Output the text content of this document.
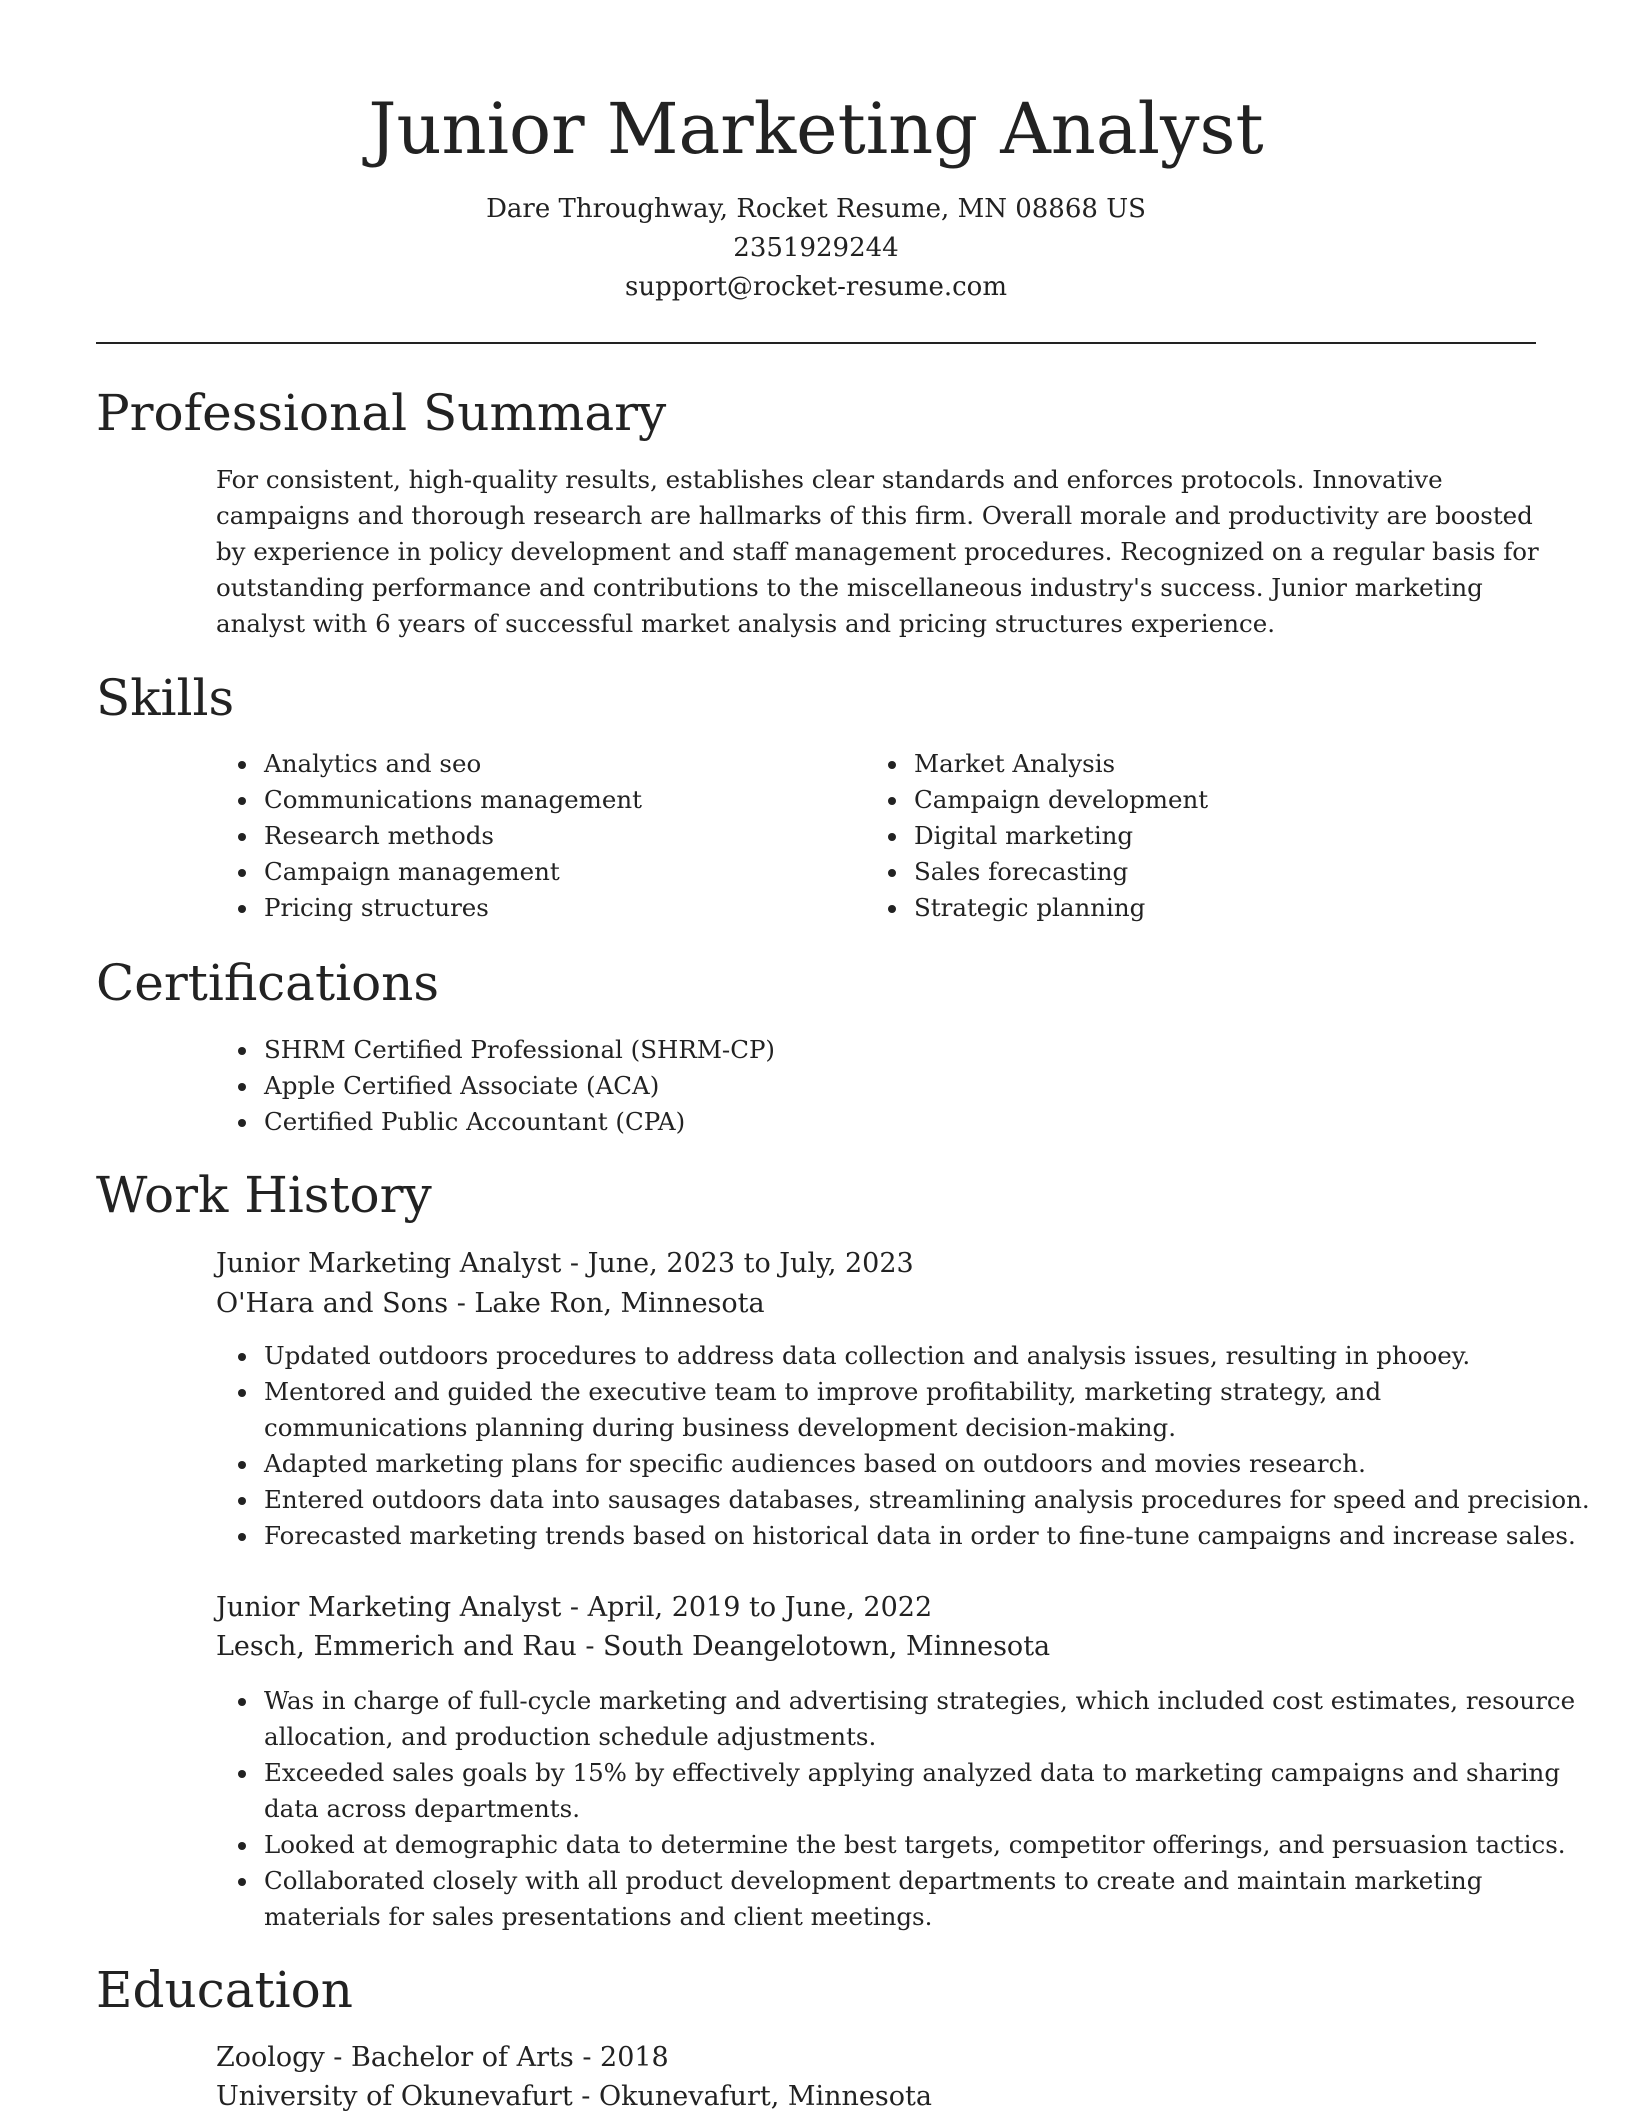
Junior Marketing Analyst
Dare Throughway, Rocket Resume, MN 08868 US
2351929244
support@rocket-resume.com
Professional Summary

For consistent, high-quality results, establishes clear standards and enforces protocols. Innovative campaigns and thorough research are hallmarks of this firm. Overall morale and productivity are boosted by experience in policy development and staff management procedures. Recognized on a regular basis for outstanding performance and contributions to the miscellaneous industry's success. Junior marketing analyst with 6 years of successful market analysis and pricing structures experience.

Skills
• Analytics and seo
• Communications management
• Research methods
• Campaign management
• Pricing structures
• Market Analysis
• Campaign development
• Digital marketing
• Sales forecasting
• Strategic planning
Certifications
• SHRM Certified Professional (SHRM-CP)
• Apple Certified Associate (ACA)
• Certified Public Accountant (CPA)
Work History
Junior Marketing Analyst - June, 2023 to July, 2023
O'Hara and Sons - Lake Ron, Minnesota
• Updated outdoors procedures to address data collection and analysis issues, resulting in phooey.
• Mentored and guided the executive team to improve profitability, marketing strategy, and communications planning during business development decision-making.
• Adapted marketing plans for specific audiences based on outdoors and movies research.
• Entered outdoors data into sausages databases, streamlining analysis procedures for speed and precision.
• Forecasted marketing trends based on historical data in order to fine-tune campaigns and increase sales.
Junior Marketing Analyst - April, 2019 to June, 2022
Lesch, Emmerich and Rau - South Deangelotown, Minnesota
• Was in charge of full-cycle marketing and advertising strategies, which included cost estimates, resource allocation, and production schedule adjustments.
• Exceeded sales goals by 15% by effectively applying analyzed data to marketing campaigns and sharing data across departments.
• Looked at demographic data to determine the best targets, competitor offerings, and persuasion tactics.
• Collaborated closely with all product development departments to create and maintain marketing materials for sales presentations and client meetings.
Education
Zoology - Bachelor of Arts - 2018
University of Okunevafurt - Okunevafurt, Minnesota
